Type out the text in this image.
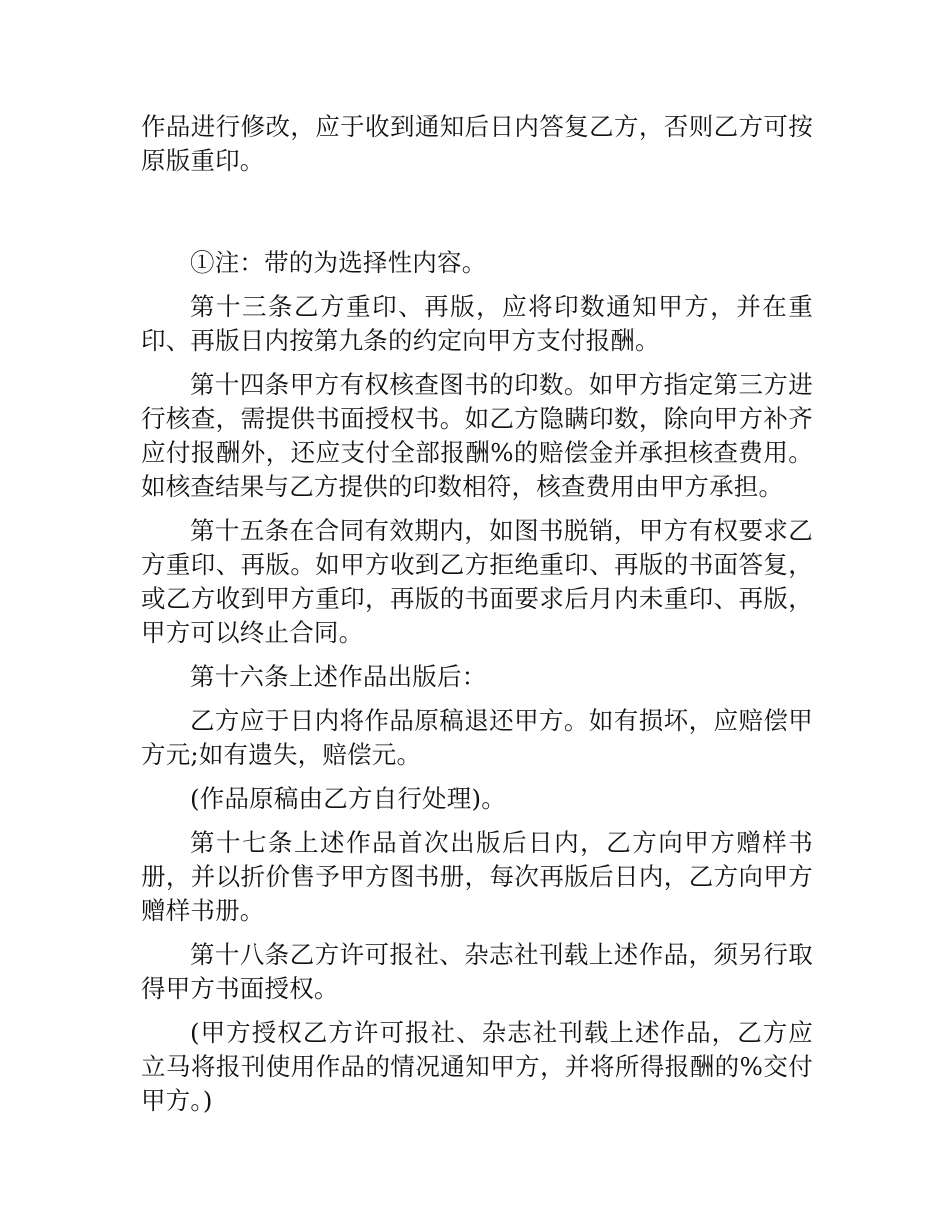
作品进行修改，应于收到通知后日内答复乙方，否则乙方可按原版重印。

①注：带的为选择性内容。

第十三条乙方重印、再版，应将印数通知甲方，并在重印、再版日内按第九条的约定向甲方支付报酬。

第十四条甲方有权核查图书的印数。如甲方指定第三方进行核查，需提供书面授权书。如乙方隐瞒印数，除向甲方补齐应付报酬外，还应支付全部报酬%的赔偿金并承担核查费用。如核查结果与乙方提供的印数相符，核查费用由甲方承担。

第十五条在合同有效期内，如图书脱销，甲方有权要求乙方重印、再版。如甲方收到乙方拒绝重印、再版的书面答复，或乙方收到甲方重印，再版的书面要求后月内未重印、再版，甲方可以终止合同。

第十六条上述作品出版后：

乙方应于日内将作品原稿退还甲方。如有损坏，应赔偿甲方元;如有遗失，赔偿元。

(作品原稿由乙方自行处理)。

第十七条上述作品首次出版后日内，乙方向甲方赠样书册，并以折价售予甲方图书册，每次再版后日内，乙方向甲方赠样书册。

第十八条乙方许可报社、杂志社刊载上述作品，须另行取得甲方书面授权。

(甲方授权乙方许可报社、杂志社刊载上述作品，乙方应立马将报刊使用作品的情况通知甲方，并将所得报酬的%交付甲方。)
